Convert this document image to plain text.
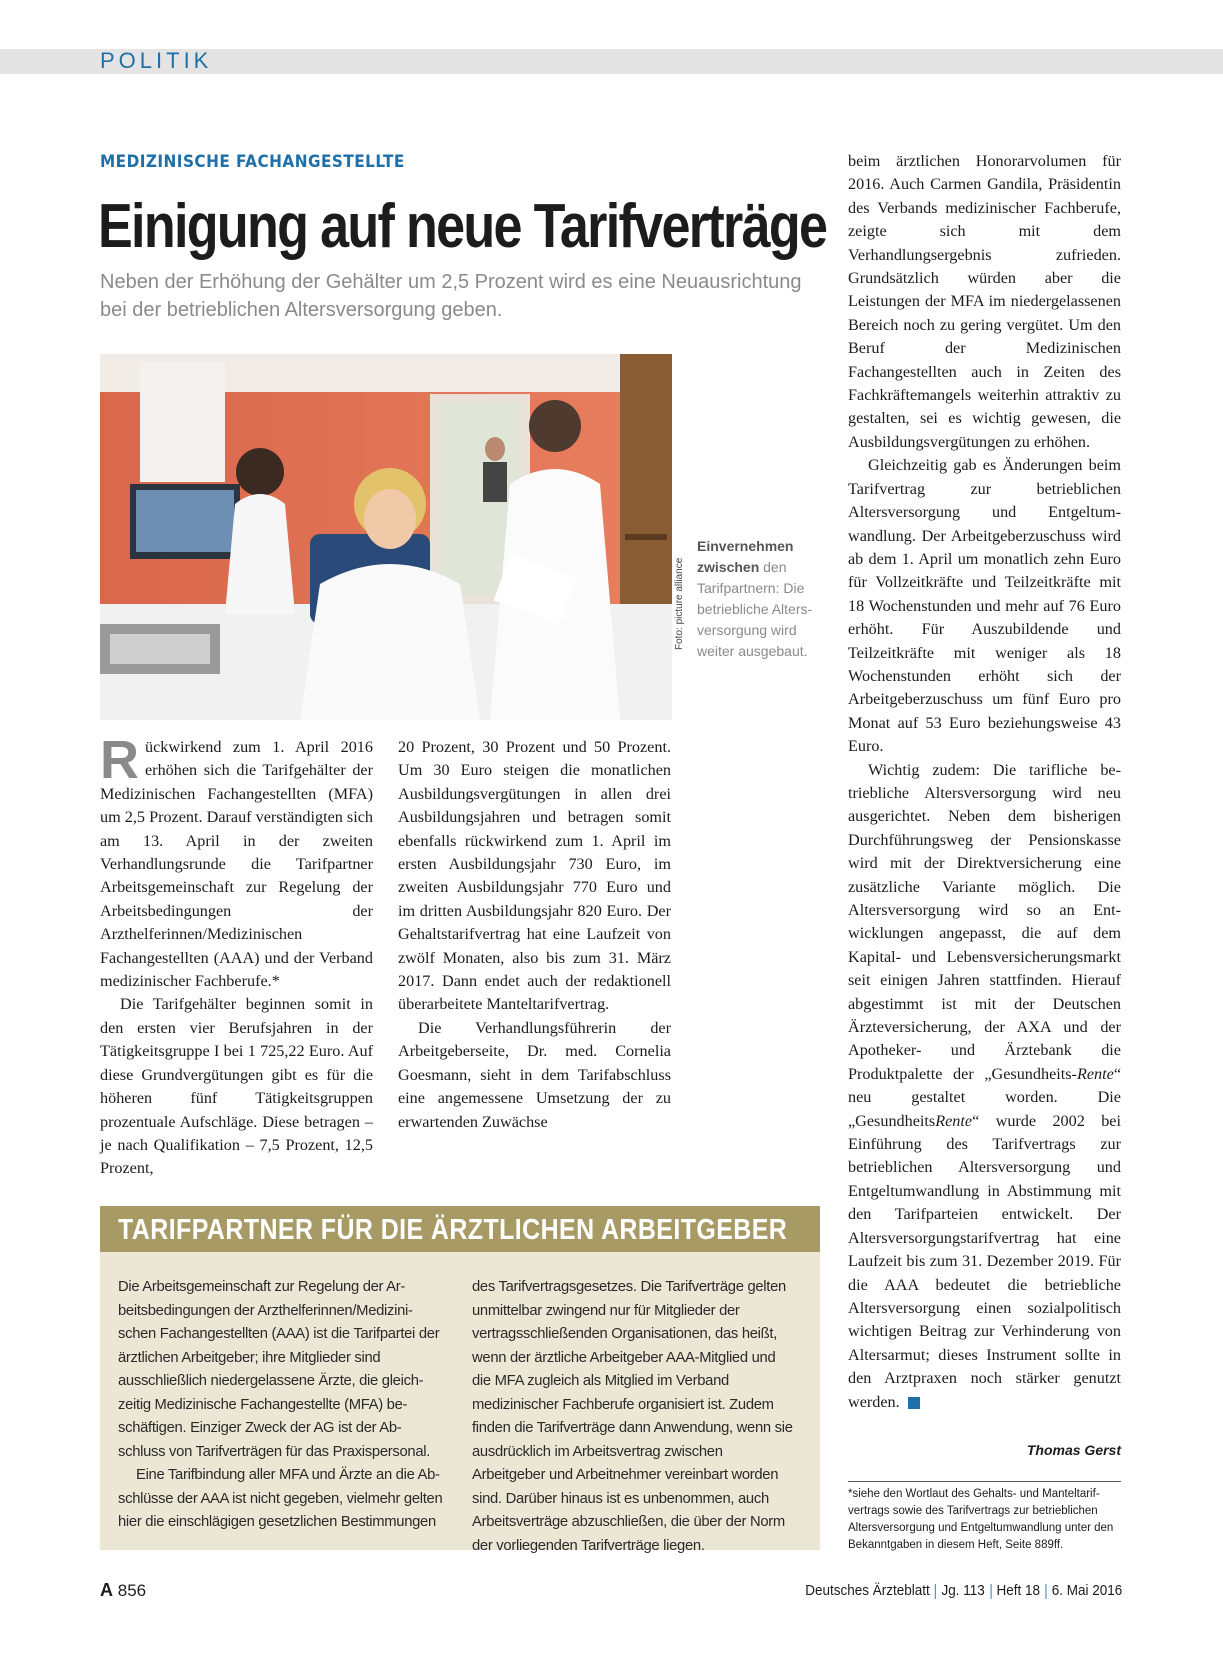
POLITIK
MEDIZINISCHE FACHANGESTELLTE
Einigung auf neue Tarifverträge
Neben der Erhöhung der Gehälter um 2,5 Prozent wird es eine Neuausrichtung bei der betrieblichen Altersversorgung geben.
Foto: picture alliance
Einvernehmen zwischen den Tarifpartnern: Die betriebliche Altersversorgung wird weiter ausgebaut.

Rückwirkend zum 1. April 2016 erhöhen sich die Tarifgehälter der Medizinischen Fachangestellten (MFA) um 2,5 Prozent. Darauf verständigten sich am 13. April in der zweiten Verhandlungsrunde die Tarifpartner Arbeitsgemeinschaft zur Regelung der Arbeitsbedingungen der Arzthelferinnen/Medizinischen Fachangestellten (AAA) und der Verband medizinischer Fachberufe.*

Die Tarifgehälter beginnen somit in den ersten vier Berufsjahren in der Tätigkeitsgruppe I bei 1 725,22 Euro. Auf diese Grundvergütungen gibt es für die höheren fünf Tätigkeitsgruppen prozentuale Aufschläge. Diese betragen – je nach Qualifikation – 7,5 Prozent, 12,5 Prozent,

20 Prozent, 30 Prozent und 50 Prozent. Um 30 Euro steigen die monatlichen Ausbildungsvergütungen in allen drei Ausbildungsjahren und betragen somit ebenfalls rückwirkend zum 1. April im ersten Ausbildungsjahr 730 Euro, im zweiten Ausbildungsjahr 770 Euro und im dritten Ausbildungsjahr 820 Euro. Der Gehaltstarifvertrag hat eine Laufzeit von zwölf Monaten, also bis zum 31. März 2017. Dann endet auch der redaktionell überarbeitete Manteltarifvertrag.

Die Verhandlungsführerin der Arbeitgeberseite, Dr. med. Cornelia Goesmann, sieht in dem Tarifabschluss eine angemessene Umsetzung der zu erwartenden Zuwächse

beim ärztlichen Honorarvolumen für 2016. Auch Carmen Gandila, Präsidentin des Verbands medizinischer Fachberufe, zeigte sich mit dem Verhandlungsergebnis zufrieden. Grundsätzlich würden aber die Leistungen der MFA im niedergelassenen Bereich noch zu gering vergütet. Um den Beruf der Medizinischen Fachangestellten auch in Zeiten des Fachkräftemangels weiterhin attraktiv zu gestalten, sei es wichtig gewesen, die Ausbildungsvergütungen zu erhöhen.

Gleichzeitig gab es Änderungen beim Tarifvertrag zur betrieblichen Altersversorgung und Entgeltumwandlung. Der Arbeitgeberzuschuss wird ab dem 1. April um monatlich zehn Euro für Vollzeitkräfte und Teilzeitkräfte mit 18 Wochenstunden und mehr auf 76 Euro erhöht. Für Auszubildende und Teilzeitkräfte mit weniger als 18 Wochenstunden erhöht sich der Arbeitgeberzuschuss um fünf Euro pro Monat auf 53 Euro beziehungsweise 43 Euro.

Wichtig zudem: Die tarifliche betriebliche Altersversorgung wird neu ausgerichtet. Neben dem bisherigen Durchführungsweg der Pensionskasse wird mit der Direktversicherung eine zusätzliche Variante möglich. Die Altersversorgung wird so an Entwicklungen angepasst, die auf dem Kapital- und Lebensversicherungsmarkt seit einigen Jahren stattfinden. Hierauf abgestimmt ist mit der Deutschen Ärzteversicherung, der AXA und der Apotheker- und Ärztebank die Produktpalette der „Gesundheits-Rente“ neu gestaltet worden. Die „GesundheitsRente“ wurde 2002 bei Einführung des Tarifvertrags zur betrieblichen Altersversorgung und Entgeltumwandlung in Abstimmung mit den Tarifparteien entwickelt. Der Altersversorgungstarifvertrag hat eine Laufzeit bis zum 31. Dezember 2019. Für die AAA bedeutet die betriebliche Altersversorgung einen sozialpolitisch wichtigen Beitrag zur Verhinderung von Altersarmut; dieses Instrument sollte in den Arztpraxen noch stärker genutzt werden.

Thomas Gerst
*siehe den Wortlaut des Gehalts- und Manteltarifvertrags sowie des Tarifvertrags zur betrieblichen Altersversorgung und Entgeltumwandlung unter den Bekanntgaben in diesem Heft, Seite 889ff.
TARIFPARTNER FÜR DIE ÄRZTLICHEN ARBEITGEBER

Die Arbeitsgemeinschaft zur Regelung der Arbeitsbedingungen der Arzthelferinnen/Medizinischen Fachangestellten (AAA) ist die Tarifpartei der ärztlichen Arbeitgeber; ihre Mitglieder sind ausschließlich niedergelassene Ärzte, die gleichzeitig Medizinische Fachangestellte (MFA) beschäftigen. Einziger Zweck der AG ist der Abschluss von Tarifverträgen für das Praxispersonal.

Eine Tarifbindung aller MFA und Ärzte an die Abschlüsse der AAA ist nicht gegeben, vielmehr gelten hier die einschlägigen gesetzlichen Bestimmungen

des Tarifvertragsgesetzes. Die Tarifverträge gelten unmittelbar zwingend nur für Mitglieder der vertragsschließenden Organisationen, das heißt, wenn der ärztliche Arbeitgeber AAA-Mitglied und die MFA zugleich als Mitglied im Verband medizinischer Fachberufe organisiert ist. Zudem finden die Tarifverträge dann Anwendung, wenn sie ausdrücklich im Arbeitsvertrag zwischen Arbeitgeber und Arbeitnehmer vereinbart worden sind. Darüber hinaus ist es unbenommen, auch Arbeitsverträge abzuschließen, die über der Norm der vorliegenden Tarifverträge liegen.

A 856	Deutsches Ärzteblatt Jg. 113 Heft 18 6. Mai 2016
